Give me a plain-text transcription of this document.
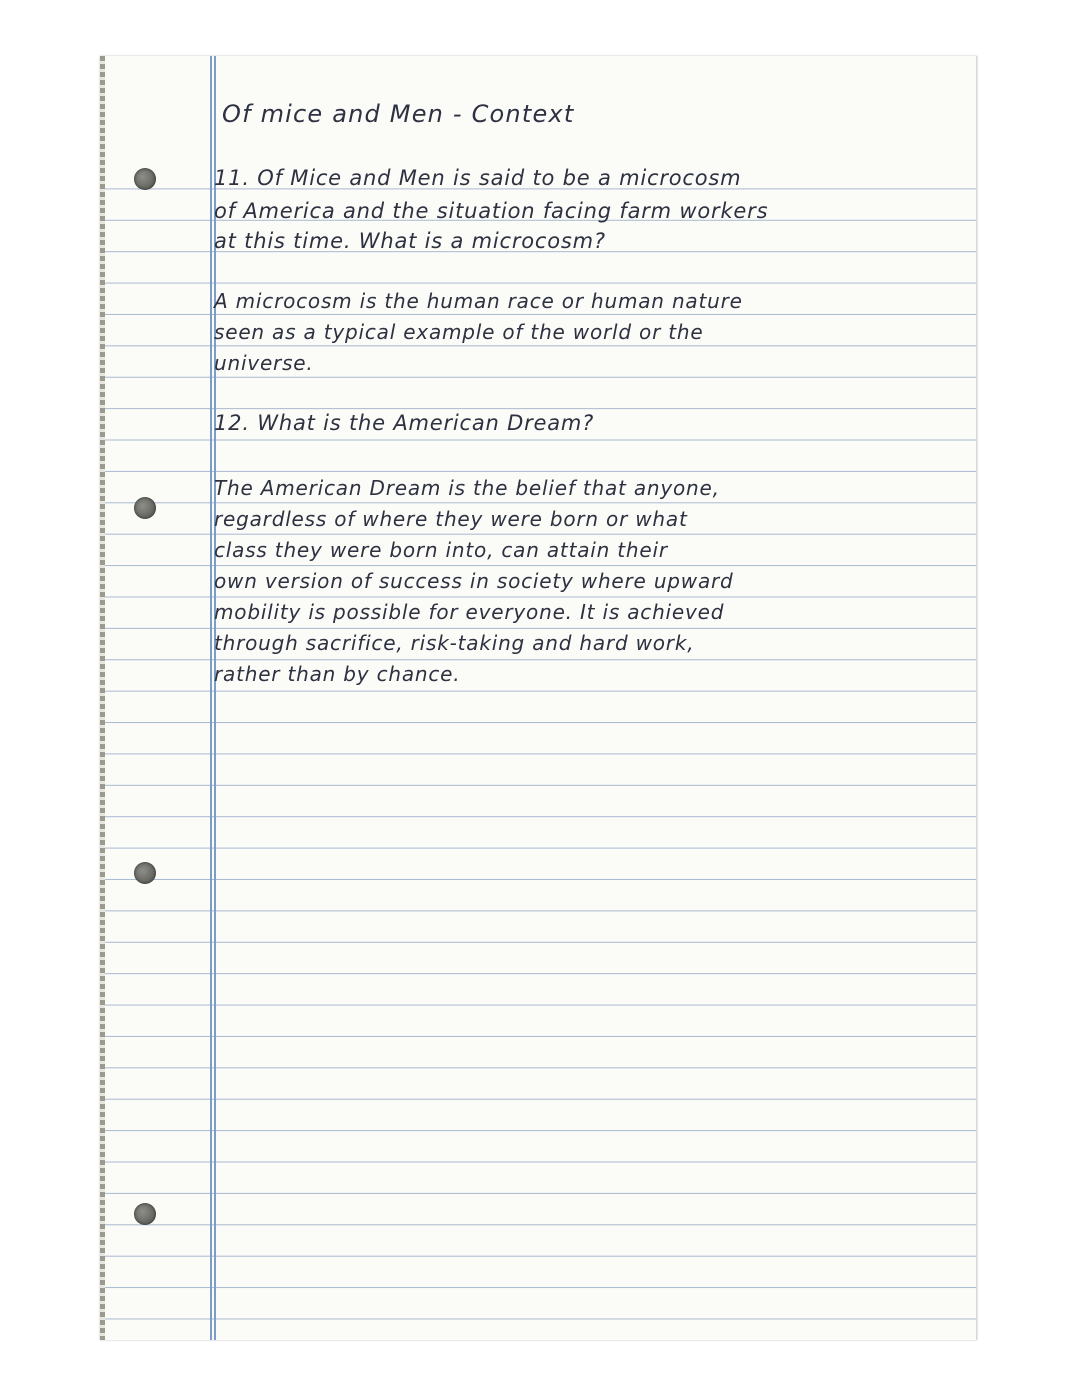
Of mice and Men - Context
11. Of Mice and Men is said to be a microcosm
of America and the situation facing farm workers
at this time. What is a microcosm?
A microcosm is the human race or human nature
seen as a typical example of the world or the
universe.
12. What is the American Dream?
The American Dream is the belief that anyone,
regardless of where they were born or what
class they were born into, can attain their
own version of success in society where upward
mobility is possible for everyone. It is achieved
through sacrifice, risk-taking and hard work,
rather than by chance.
